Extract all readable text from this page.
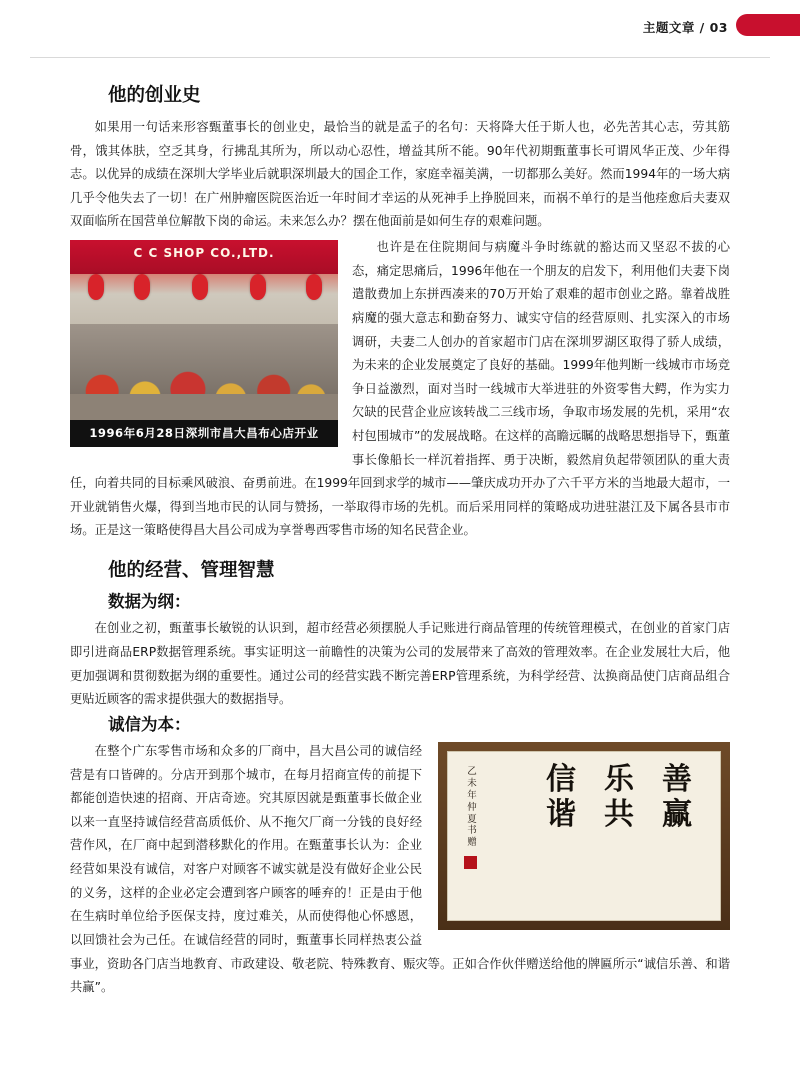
主题文章 / 03
他的创业史

如果用一句话来形容甄董事长的创业史，最恰当的就是孟子的名句：天将降大任于斯人也，必先苦其心志，劳其筋骨，饿其体肤，空乏其身，行拂乱其所为，所以动心忍性，增益其所不能。90年代初期甄董事长可谓风华正茂、少年得志。以优异的成绩在深圳大学毕业后就职深圳最大的国企工作，家庭幸福美满，一切都那么美好。然而1994年的一场大病几乎令他失去了一切！在广州肿瘤医院医治近一年时间才幸运的从死神手上挣脱回来，而祸不单行的是当他痊愈后夫妻双双面临所在国营单位解散下岗的命运。未来怎么办？摆在他面前是如何生存的艰难问题。

C C SHOP CO.,LTD.
1996年6月28日深圳市昌大昌布心店开业

也许是在住院期间与病魔斗争时练就的豁达而又坚忍不拔的心态，痛定思痛后，1996年他在一个朋友的启发下，利用他们夫妻下岗遣散费加上东拼西凑来的70万开始了艰难的超市创业之路。靠着战胜病魔的强大意志和勤奋努力、诚实守信的经营原则、扎实深入的市场调研，夫妻二人创办的首家超市门店在深圳罗湖区取得了骄人成绩，为未来的企业发展奠定了良好的基础。1999年他判断一线城市市场竞争日益激烈，面对当时一线城市大举进驻的外资零售大鳄，作为实力欠缺的民营企业应该转战二三线市场，争取市场发展的先机，采用“农村包围城市”的发展战略。在这样的高瞻远瞩的战略思想指导下，甄董事长像船长一样沉着指挥、勇于决断，毅然肩负起带领团队的重大责任，向着共同的目标乘风破浪、奋勇前进。在1999年回到求学的城市——肇庆成功开办了六千平方米的当地最大超市，一开业就销售火爆，得到当地市民的认同与赞扬，一举取得市场的先机。而后采用同样的策略成功进驻湛江及下属各县市市场。正是这一策略使得昌大昌公司成为享誉粤西零售市场的知名民营企业。

他的经营、管理智慧
数据为纲：

在创业之初，甄董事长敏锐的认识到，超市经营必须摆脱人手记账进行商品管理的传统管理模式，在创业的首家门店即引进商品ERP数据管理系统。事实证明这一前瞻性的决策为公司的发展带来了高效的管理效率。在企业发展壮大后，他更加强调和贯彻数据为纲的重要性。通过公司的经营实践不断完善ERP管理系统，为科学经营、汰换商品使门店商品组合更贴近顾客的需求提供强大的数据指导。

诚信为本：
善赢
乐共
信谐
乙未年仲夏书赠

在整个广东零售市场和众多的厂商中，昌大昌公司的诚信经营是有口皆碑的。分店开到那个城市，在每月招商宣传的前提下都能创造快速的招商、开店奇迹。究其原因就是甄董事长做企业以来一直坚持诚信经营高质低价、从不拖欠厂商一分钱的良好经营作风，在厂商中起到潜移默化的作用。在甄董事长认为：企业经营如果没有诚信，对客户对顾客不诚实就是没有做好企业公民的义务，这样的企业必定会遭到客户顾客的唾弃的！正是由于他在生病时单位给予医保支持，度过难关，从而使得他心怀感恩，以回馈社会为己任。在诚信经营的同时，甄董事长同样热衷公益事业，资助各门店当地教育、市政建设、敬老院、特殊教育、赈灾等。正如合作伙伴赠送给他的牌匾所示“诚信乐善、和谐共赢”。
